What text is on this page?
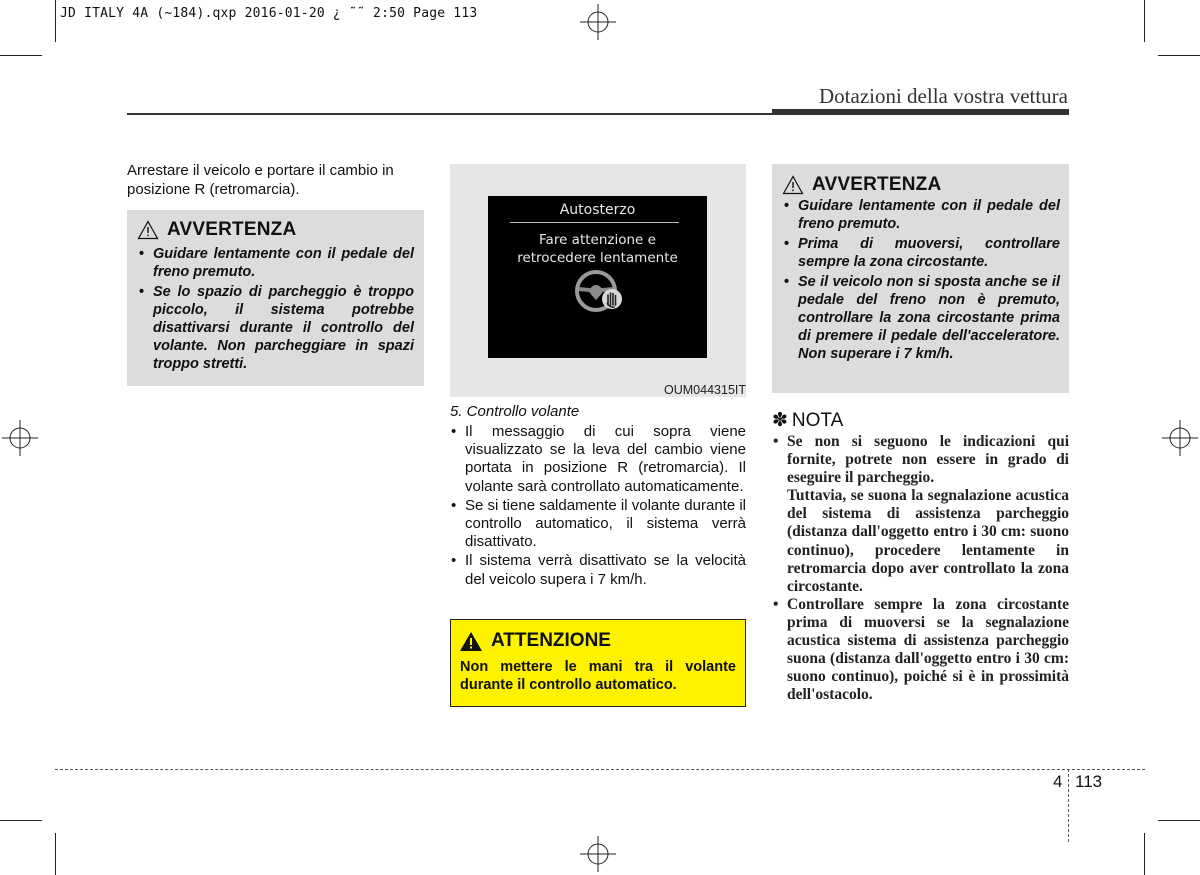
JD ITALY 4A (~184).qxp 2016-01-20 ¿ ˜˜ 2:50 Page 113
Dotazioni della vostra vettura
Arrestare il veicolo e portare il cambio in posizione R (retromarcia).
AVVERTENZA
• Guidare lentamente con il pedale del freno premuto.
• Se lo spazio di parcheggio è troppo piccolo, il sistema potrebbe disattivarsi durante il controllo del volante. Non parcheggiare in spazi troppo stretti.
Autosterzo
Fare attenzione e
retrocedere lentamente
OUM044315IT
5. Controllo volante
• Il messaggio di cui sopra viene visualizzato se la leva del cambio viene portata in posizione R (retromarcia). Il volante sarà controllato automaticamente.
• Se si tiene saldamente il volante durante il controllo automatico, il sistema verrà disattivato.
• Il sistema verrà disattivato se la velocità del veicolo supera i 7 km/h.
ATTENZIONE
Non mettere le mani tra il volante durante il controllo automatico.
AVVERTENZA
• Guidare lentamente con il pedale del freno premuto.
• Prima di muoversi, controllare sempre la zona circostante.
• Se il veicolo non si sposta anche se il pedale del freno non è premuto, controllare la zona circostante prima di premere il pedale dell'acceleratore. Non superare i 7 km/h.
✽ NOTA

• Se non si seguono le indicazioni qui fornite, potrete non essere in grado di eseguire il parcheggio.

Tuttavia, se suona la segnalazione acustica del sistema di assistenza parcheggio (distanza dall'oggetto entro i 30 cm: suono continuo), procedere lentamente in retromarcia dopo aver controllato la zona circostante.

• Controllare sempre la zona circostante prima di muoversi se la segnalazione acustica sistema di assistenza parcheggio suona (distanza dall'oggetto entro i 30 cm: suono continuo), poiché si è in prossimità dell'ostacolo.

4 113
